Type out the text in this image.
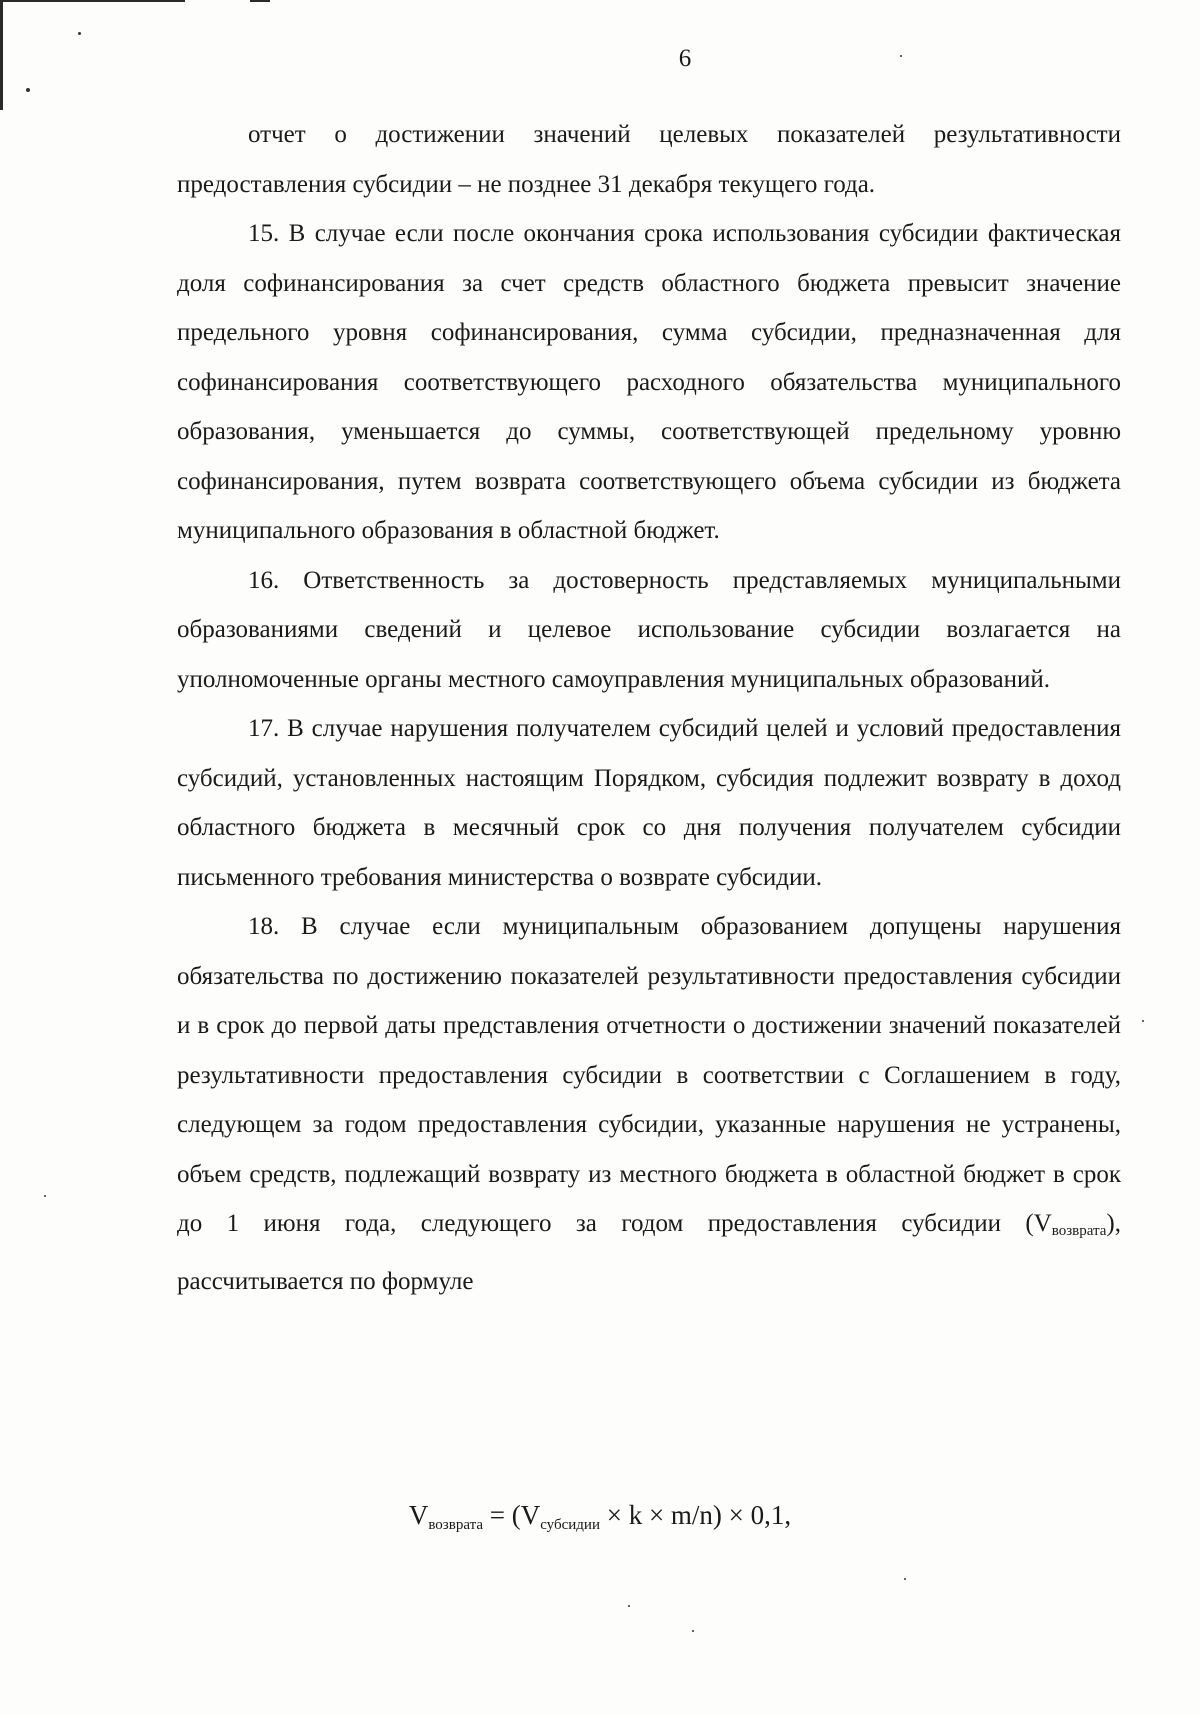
6

отчет о достижении значений целевых показателей результативности предоставления субсидии – не позднее 31 декабря текущего года.

15. В случае если после окончания срока использования субсидии фактическая доля софинансирования за счет средств областного бюджета превысит значение предельного уровня софинансирования, сумма субсидии, предназначенная для софинансирования соответствующего расходного обязательства муниципального образования, уменьшается до суммы, соответствующей предельному уровню софинансирования, путем возврата соответствующего объема субсидии из бюджета муниципального образования в областной бюджет.

16. Ответственность за достоверность представляемых муниципальными образованиями сведений и целевое использование субсидии возлагается на уполномоченные органы местного самоуправления муниципальных образований.

17. В случае нарушения получателем субсидий целей и условий предоставления субсидий, установленных настоящим Порядком, субсидия подлежит возврату в доход областного бюджета в месячный срок со дня получения получателем субсидии письменного требования министерства о возврате субсидии.

18. В случае если муниципальным образованием допущены нарушения обязательства по достижению показателей результативности предоставления субсидии и в срок до первой даты представления отчетности о достижении значений показателей результативности предоставления субсидии в соответствии с Соглашением в году, следующем за годом предоставления субсидии, указанные нарушения не устранены, объем средств, подлежащий возврату из местного бюджета в областной бюджет в срок до 1 июня года, следующего за годом предоставления субсидии $(V_{возврата})$, рассчитывается по формуле

$V_{возврата} = (V_{субсидии} \times k \times m/n) \times 0,1$,
